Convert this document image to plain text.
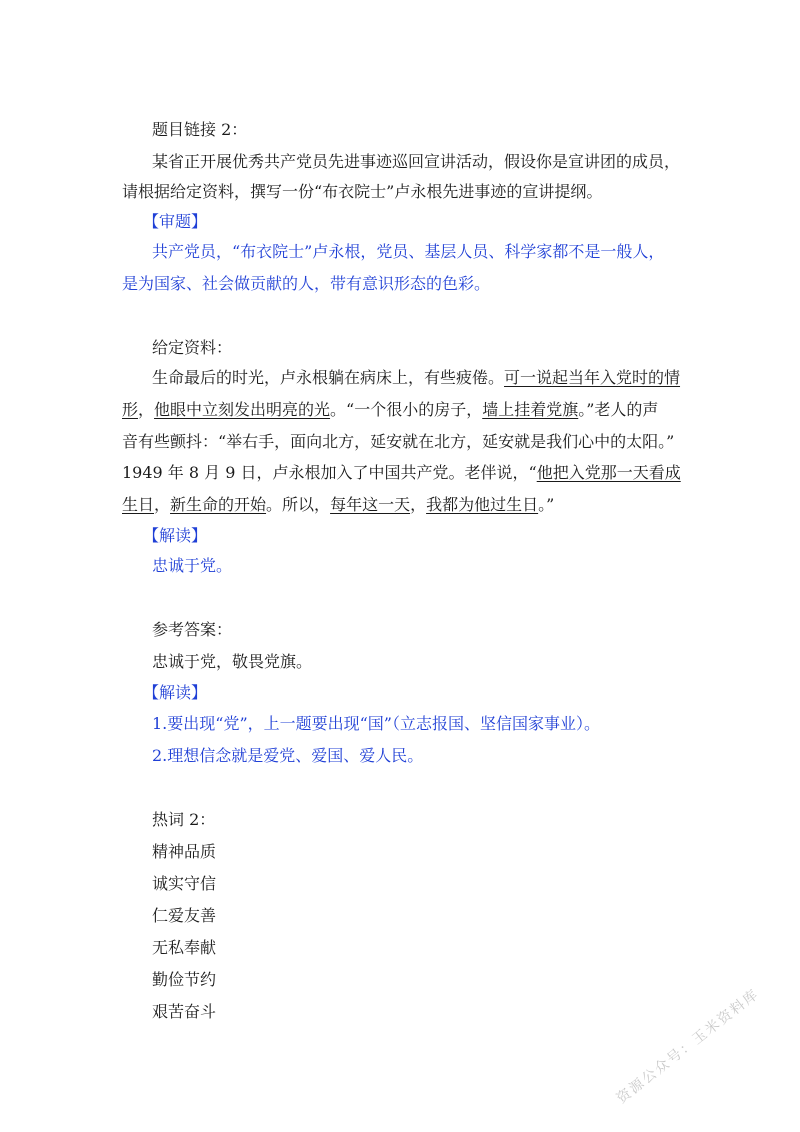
题目链接 2：
某省正开展优秀共产党员先进事迹巡回宣讲活动，假设你是宣讲团的成员，
请根据给定资料，撰写一份“布衣院士”卢永根先进事迹的宣讲提纲。
【审题】
共产党员，“布衣院士”卢永根，党员、基层人员、科学家都不是一般人，
是为国家、社会做贡献的人，带有意识形态的色彩。
给定资料：
生命最后的时光，卢永根躺在病床上，有些疲倦。可一说起当年入党时的情
形，他眼中立刻发出明亮的光。“一个很小的房子，墙上挂着党旗。”老人的声
音有些颤抖：“举右手，面向北方，延安就在北方，延安就是我们心中的太阳。”
1949 年 8 月 9 日，卢永根加入了中国共产党。老伴说，“他把入党那一天看成
生日，新生命的开始。所以，每年这一天，我都为他过生日。”
【解读】
忠诚于党。
参考答案：
忠诚于党，敬畏党旗。
【解读】
1.要出现“党”，上一题要出现“国”（立志报国、坚信国家事业）。
2.理想信念就是爱党、爱国、爱人民。
热词 2：
精神品质
诚实守信
仁爱友善
无私奉献
勤俭节约
艰苦奋斗	资源公众号：玉米资料库
